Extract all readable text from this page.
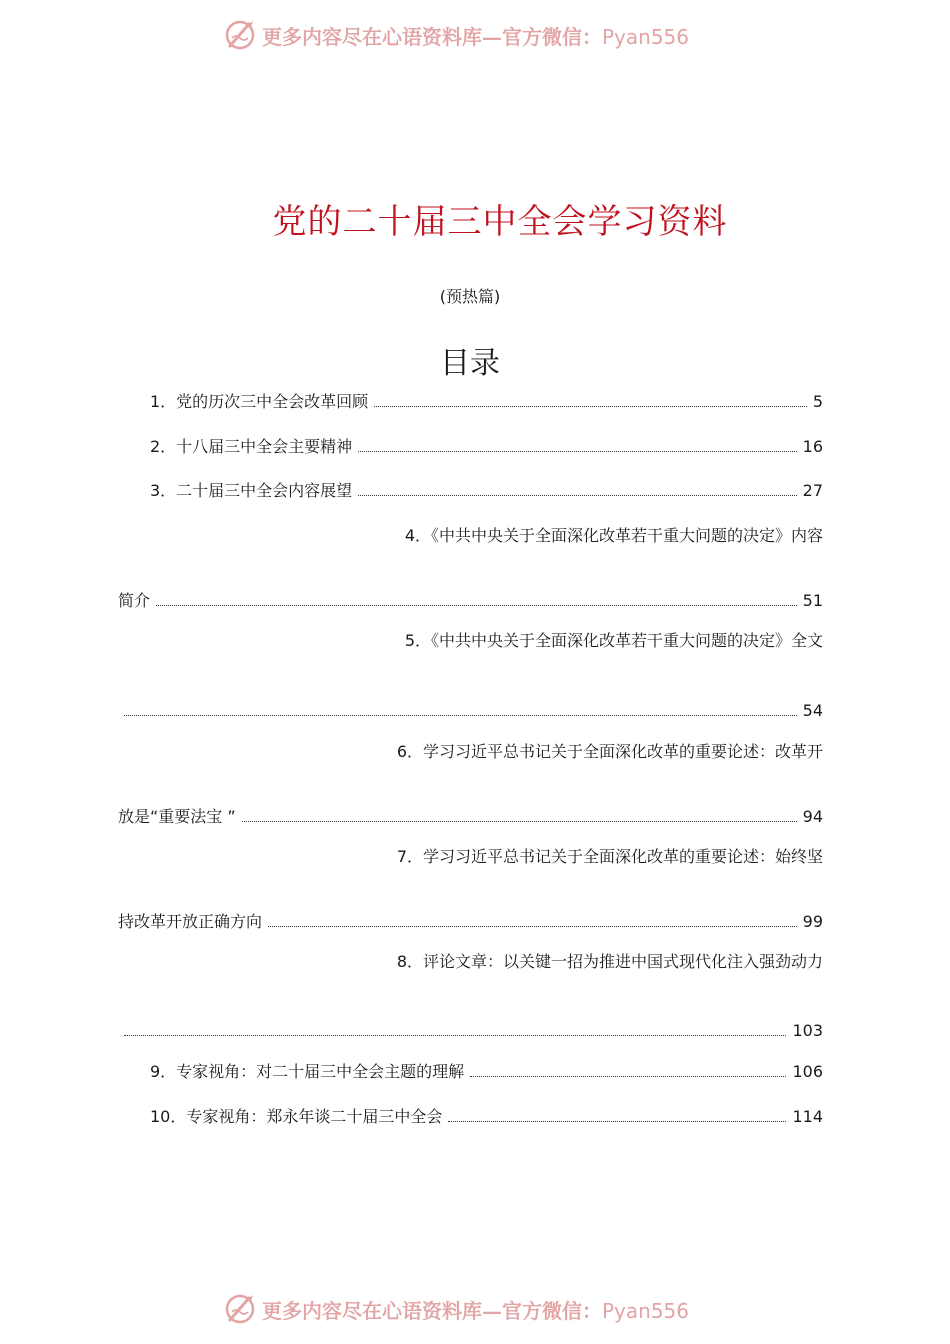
更多内容尽在心语资料库—官方微信：Pyan556
党的二十届三中全会学习资料
(预热篇)
目录
1．党的历次三中全会改革回顾	5
2．十八届三中全会主要精神	16
3．二十届三中全会内容展望	27
4．《中共中央关于全面深化改革若干重大问题的决定》内容
简介	51
5．《中共中央关于全面深化改革若干重大问题的决定》全文
54
6．学习习近平总书记关于全面深化改革的重要论述：改革开
放是“重要法宝 ”	94
7．学习习近平总书记关于全面深化改革的重要论述：始终坚
持改革开放正确方向	99
8．评论文章：以关键一招为推进中国式现代化注入强劲动力
103
9．专家视角：对二十届三中全会主题的理解	106
10．专家视角：郑永年谈二十届三中全会	114
更多内容尽在心语资料库—官方微信：Pyan556
